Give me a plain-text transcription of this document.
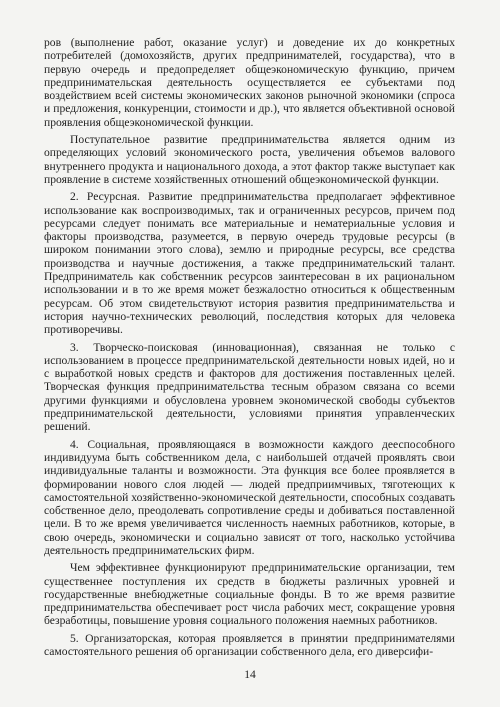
ров (выполнение работ, оказание услуг) и доведение их до конкретных потребителей (домохозяйств, других предпринимателей, государства), что в первую очередь и предопределяет общеэкономическую функцию, причем предпринимательская деятельность осуществляется ее субъектами под воздействием всей системы экономических законов рыночной экономики (спроса и предложения, конкуренции, стоимости и др.), что является объективной основой проявления общеэкономической функции.

Поступательное развитие предпринимательства является одним из определяющих условий экономического роста, увеличения объемов валового внутреннего продукта и национального дохода, а этот фактор также выступает как проявление в системе хозяйственных отношений общеэкономической функции.

2. Ресурсная. Развитие предпринимательства предполагает эффективное использование как воспроизводимых, так и ограниченных ресурсов, причем под ресурсами следует понимать все материальные и нематериальные условия и факторы производства, разумеется, в первую очередь трудовые ресурсы (в широком понимании этого слова), землю и природные ресурсы, все средства производства и научные достижения, а также предпринимательский талант. Предприниматель как собственник ресурсов заинтересован в их рациональном использовании и в то же время может безжалостно относиться к общественным ресурсам. Об этом свидетельствуют история развития предпринимательства и история научно-технических революций, последствия которых для человека противоречивы.

3. Творческо-поисковая (инновационная), связанная не только с использованием в процессе предпринимательской деятельности новых идей, но и с выработкой новых средств и факторов для достижения поставленных целей. Творческая функция предпринимательства тесным образом связана со всеми другими функциями и обусловлена уровнем экономической свободы субъектов предпринимательской деятельности, условиями принятия управленческих решений.

4. Социальная, проявляющаяся в возможности каждого дееспособного индивидуума быть собственником дела, с наибольшей отдачей проявлять свои индивидуальные таланты и возможности. Эта функция все более проявляется в формировании нового слоя людей — людей предприимчивых, тяготеющих к самостоятельной хозяйственно-экономической деятельности, способных создавать собственное дело, преодолевать сопротивление среды и добиваться поставленной цели. В то же время увеличивается численность наемных работников, которые, в свою очередь, экономически и социально зависят от того, насколько устойчива деятельность предпринимательских фирм.

Чем эффективнее функционируют предпринимательские организации, тем существеннее поступления их средств в бюджеты различных уровней и государственные внебюджетные социальные фонды. В то же время развитие предпринимательства обеспечивает рост числа рабочих мест, сокращение уровня безработицы, повышение уровня социального положения наемных работников.

5. Организаторская, которая проявляется в принятии предпринимателями самостоятельного решения об организации собственного дела, его диверсифи-

14
